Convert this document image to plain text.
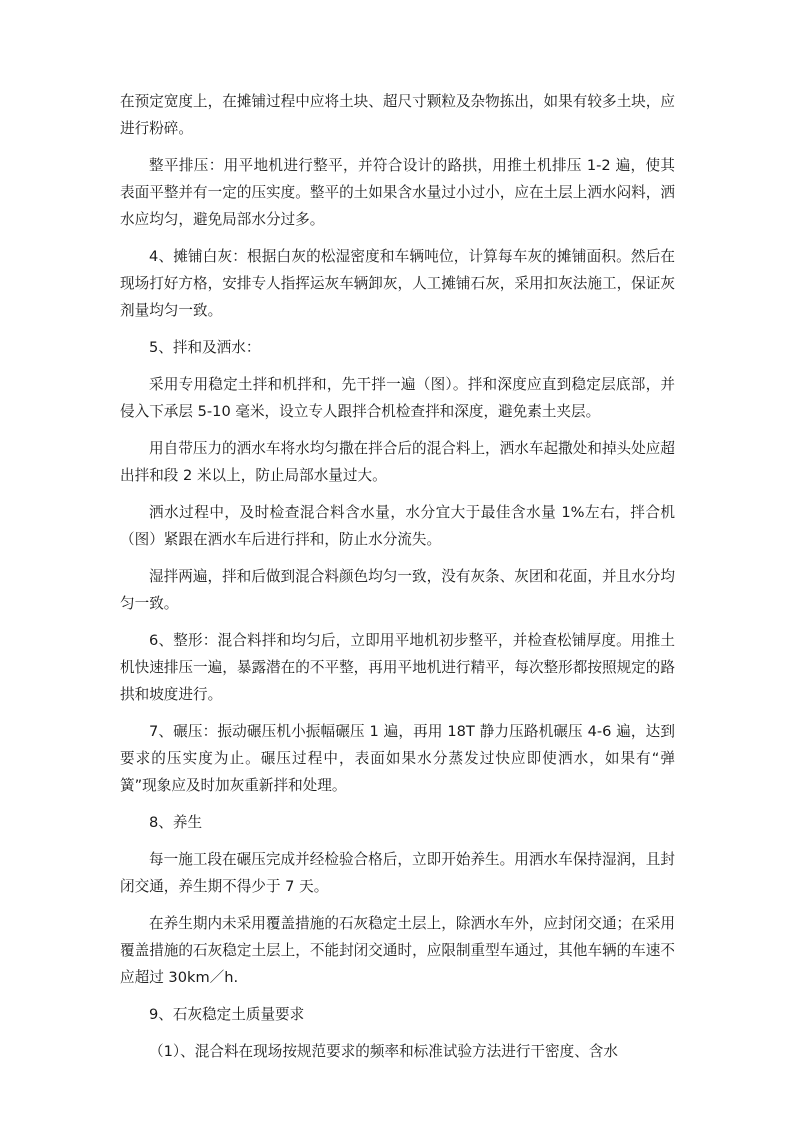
在预定宽度上，在摊铺过程中应将土块、超尺寸颗粒及杂物拣出，如果有较多土块，应进行粉碎。

整平排压：用平地机进行整平，并符合设计的路拱，用推土机排压 1-2 遍，使其表面平整并有一定的压实度。整平的土如果含水量过小过小，应在土层上洒水闷料，洒水应均匀，避免局部水分过多。

4、摊铺白灰：根据白灰的松湿密度和车辆吨位，计算每车灰的摊铺面积。然后在现场打好方格，安排专人指挥运灰车辆卸灰，人工摊铺石灰，采用扣灰法施工，保证灰剂量均匀一致。

5、拌和及洒水：

采用专用稳定土拌和机拌和，先干拌一遍（图）。拌和深度应直到稳定层底部，并侵入下承层 5-10 毫米，设立专人跟拌合机检查拌和深度，避免素土夹层。

用自带压力的洒水车将水均匀撒在拌合后的混合料上，洒水车起撒处和掉头处应超出拌和段 2 米以上，防止局部水量过大。

洒水过程中，及时检查混合料含水量，水分宜大于最佳含水量 1%左右，拌合机（图）紧跟在洒水车后进行拌和，防止水分流失。

湿拌两遍，拌和后做到混合料颜色均匀一致，没有灰条、灰团和花面，并且水分均匀一致。

6、整形：混合料拌和均匀后，立即用平地机初步整平，并检查松铺厚度。用推土机快速排压一遍，暴露潜在的不平整，再用平地机进行精平，每次整形都按照规定的路拱和坡度进行。

7、碾压：振动碾压机小振幅碾压 1 遍，再用 18T 静力压路机碾压 4-6 遍，达到要求的压实度为止。碾压过程中，表面如果水分蒸发过快应即使洒水，如果有“弹簧”现象应及时加灰重新拌和处理。

8、养生

每一施工段在碾压完成并经检验合格后，立即开始养生。用洒水车保持湿润，且封闭交通，养生期不得少于 7 天。

在养生期内未采用覆盖措施的石灰稳定土层上，除洒水车外，应封闭交通；在采用覆盖措施的石灰稳定土层上，不能封闭交通时，应限制重型车通过，其他车辆的车速不应超过 30km／h.

9、石灰稳定土质量要求

（1）、混合料在现场按规范要求的频率和标准试验方法进行干密度、含水
